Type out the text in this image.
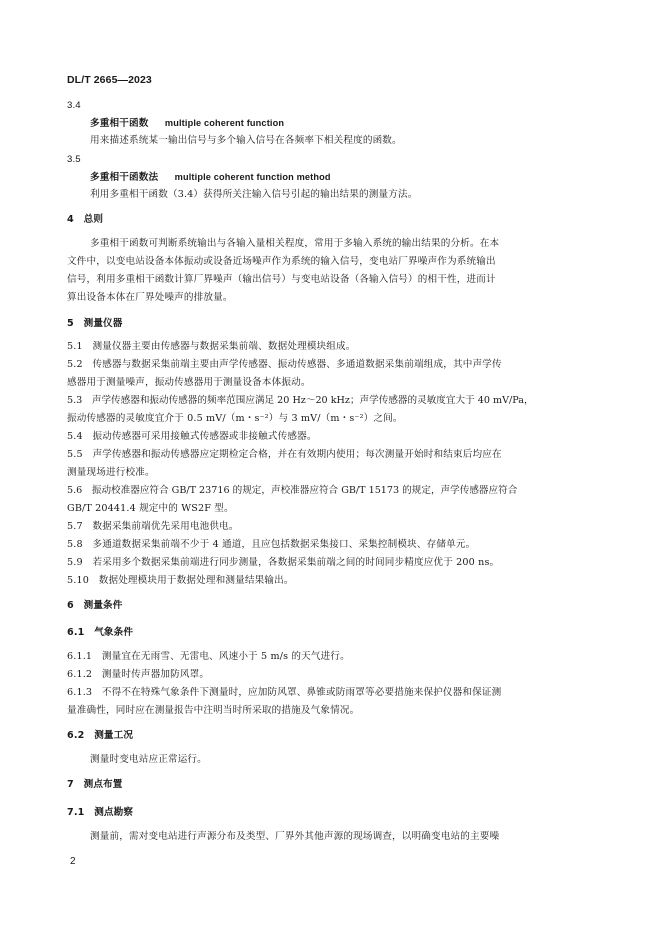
DL/T 2665—2023
3.4
多重相干函数 multiple coherent function
用来描述系统某一输出信号与多个输入信号在各频率下相关程度的函数。
3.5
多重相干函数法 multiple coherent function method
利用多重相干函数（3.4）获得所关注输入信号引起的输出结果的测量方法。
4　总则
多重相干函数可判断系统输出与各输入量相关程度，常用于多输入系统的输出结果的分析。在本
文件中，以变电站设备本体振动或设备近场噪声作为系统的输入信号，变电站厂界噪声作为系统输出
信号，利用多重相干函数计算厂界噪声（输出信号）与变电站设备（各输入信号）的相干性，进而计
算出设备本体在厂界处噪声的排放量。
5　测量仪器
5.1　测量仪器主要由传感器与数据采集前端、数据处理模块组成。
5.2　传感器与数据采集前端主要由声学传感器、振动传感器、多通道数据采集前端组成，其中声学传
感器用于测量噪声，振动传感器用于测量设备本体振动。
5.3　声学传感器和振动传感器的频率范围应满足 20 Hz～20 kHz；声学传感器的灵敏度宜大于 40 mV/Pa，
振动传感器的灵敏度宜介于 0.5 mV/（m・s⁻²）与 3 mV/（m・s⁻²）之间。
5.4　振动传感器可采用接触式传感器或非接触式传感器。
5.5　声学传感器和振动传感器应定期检定合格，并在有效期内使用；每次测量开始时和结束后均应在
测量现场进行校准。
5.6　振动校准器应符合 GB/T 23716 的规定，声校准器应符合 GB/T 15173 的规定，声学传感器应符合
GB/T 20441.4 规定中的 WS2F 型。
5.7　数据采集前端优先采用电池供电。
5.8　多通道数据采集前端不少于 4 通道，且应包括数据采集接口、采集控制模块、存储单元。
5.9　若采用多个数据采集前端进行同步测量，各数据采集前端之间的时间同步精度应优于 200 ns。
5.10　数据处理模块用于数据处理和测量结果输出。
6　测量条件
6.1　气象条件
6.1.1　测量宜在无雨雪、无雷电、风速小于 5 m/s 的天气进行。
6.1.2　测量时传声器加防风罩。
6.1.3　不得不在特殊气象条件下测量时，应加防风罩、鼻锥或防雨罩等必要措施来保护仪器和保证测
量准确性，同时应在测量报告中注明当时所采取的措施及气象情况。
6.2　测量工况
测量时变电站应正常运行。
7　测点布置
7.1　测点勘察
测量前，需对变电站进行声源分布及类型、厂界外其他声源的现场调查，以明确变电站的主要噪
2
